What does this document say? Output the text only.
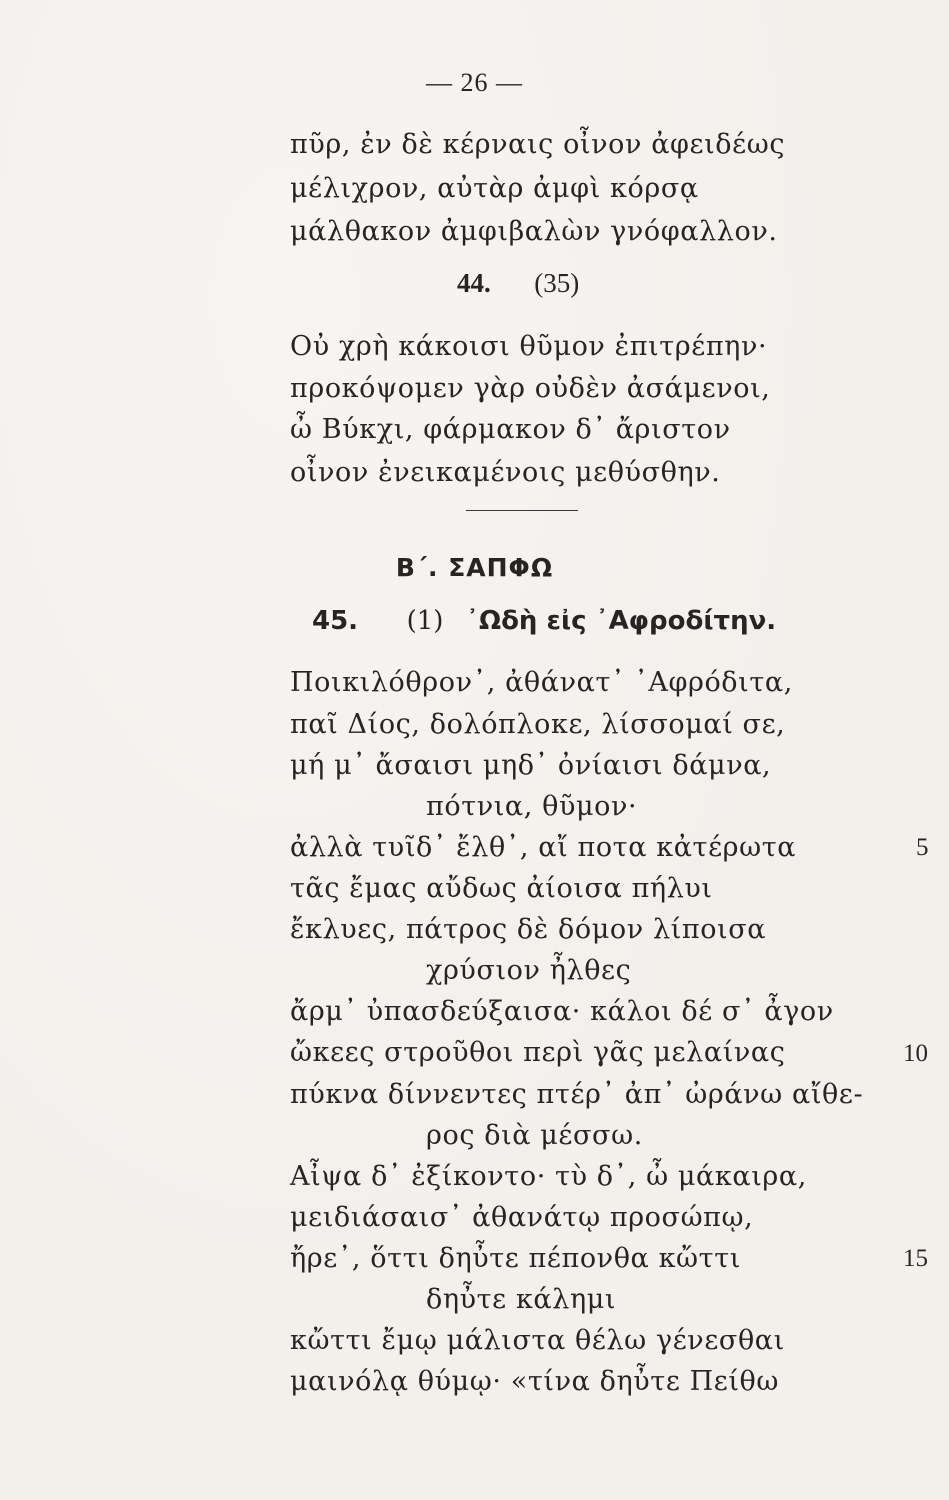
— 26 —
πῦρ, ἐν δὲ κέρναις οἶνον ἀφειδέως
μέλιχρον, αὐτὰρ ἀμφὶ κόρσᾳ
μάλθακον ἀμφιβαλὼν γνόφαλλον.
44. (35)
Οὐ χρὴ κάκοισι θῦμον ἐπιτρέπην·
προκόψομεν γὰρ οὐδὲν ἀσάμενοι,
ὦ Βύκχι, φάρμακον δ᾽ ἄριστον
οἶνον ἐνεικαμένοις μεθύσθην.
Β΄. ΣΑΠΦΩ
45. (1) ᾿Ωδὴ εἰς ᾿Αφροδίτην.
Ποικιλόθρον᾽, ἀθάνατ᾽ ᾽Αφρόδιτα,
παῖ Δίος, δολόπλοκε, λίσσομαί σε,
μή μ᾽ ἄσαισι μηδ᾽ ὀνίαισι δάμνα,
πότνια, θῦμον·
ἀλλὰ τυῖδ᾽ ἔλθ᾽, αἴ ποτα κἀτέρωτα
τᾶς ἔμας αὔδως ἀίοισα πήλυι
ἔκλυες, πάτρος δὲ δόμον λίποισα
χρύσιον ἦλθες
ἄρμ᾽ ὐπασδεύξαισα· κάλοι δέ σ᾽ ἆγον
ὤκεες στροῦθοι περὶ γᾶς μελαίνας
πύκνα δίννεντες πτέρ᾽ ἀπ᾽ ὠράνω αἴθε-
ρος διὰ μέσσω.
Αἶψα δ᾽ ἐξίκοντο· τὺ δ᾽, ὦ μάκαιρα,
μειδιάσαισ᾽ ἀθανάτῳ προσώπῳ,
ἤρε᾽, ὅττι δηὖτε πέπονθα κὤττι
δηὖτε κάλημι
κὤττι ἔμῳ μάλιστα θέλω γένεσθαι
μαινόλᾳ θύμῳ· «τίνα δηὖτε Πείθω
5
10
15
